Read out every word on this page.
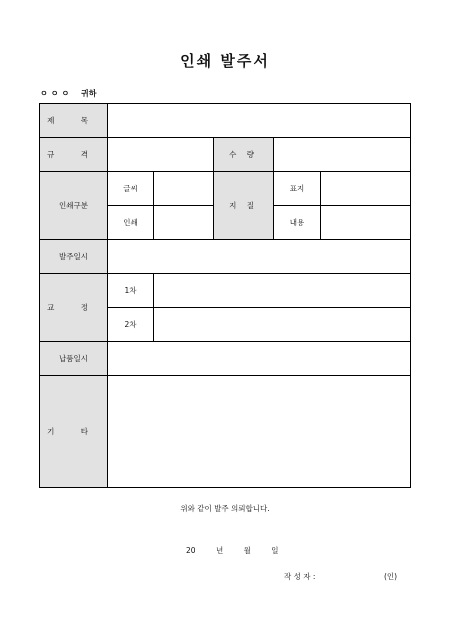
인쇄 발주서
ㅇㅇㅇ 귀하
제 목					
규 격			수 량		
인쇄구분	글씨		지 질	표지	
	인쇄			내용	
발주일시					
교 정	1차				
	2차				
납품일시					
기 타					
위와 같이 발주 의뢰합니다.
20	년	월	일
작 성 자 :	(인)
